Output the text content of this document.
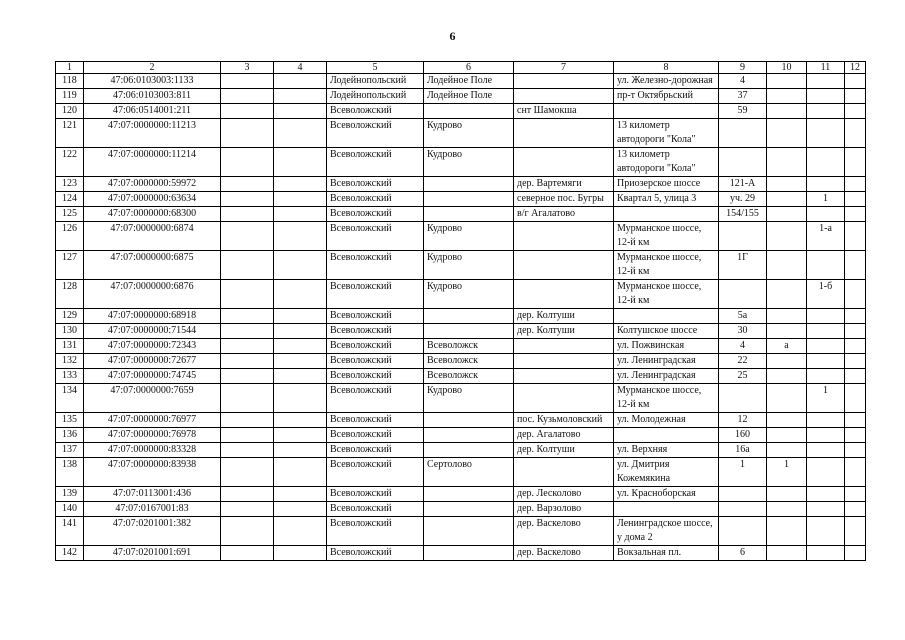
6
1	2	3	4	5	6	7	8	9	10	11	12
118	47:06:0103003:1133			Лодейнопольский	Лодейное Поле		ул. Железно-дорожная	4			
119	47:06:0103003:811			Лодейнопольский	Лодейное Поле		пр-т Октябрьский	37			
120	47:06:0514001:211			Всеволожский		снт Шамокша		59			
121	47:07:0000000:11213			Всеволожский	Кудрово		13 километр автодороги "Кола"				
122	47:07:0000000:11214			Всеволожский	Кудрово		13 километр автодороги "Кола"				
123	47:07:0000000:59972			Всеволожский		дер. Вартемяги	Приозерское шоссе	121-А			
124	47:07:0000000:63634			Всеволожский		северное пос. Бугры	Квартал 5, улица 3	уч. 29		1	
125	47:07:0000000:68300			Всеволожский		в/г Агалатово		154/155			
126	47:07:0000000:6874			Всеволожский	Кудрово		Мурманское шоссе, 12-й км			1-а	
127	47:07:0000000:6875			Всеволожский	Кудрово		Мурманское шоссе, 12-й км	1Г			
128	47:07:0000000:6876			Всеволожский	Кудрово		Мурманское шоссе, 12-й км			1-б	
129	47:07:0000000:68918			Всеволожский		дер. Колтуши		5а			
130	47:07:0000000:71544			Всеволожский		дер. Колтуши	Колтушское шоссе	30			
131	47:07:0000000:72343			Всеволожский	Всеволожск		ул. Пожвинская	4	а		
132	47:07:0000000:72677			Всеволожский	Всеволожск		ул. Ленинградская	22			
133	47:07:0000000:74745			Всеволожский	Всеволожск		ул. Ленинградская	25			
134	47:07:0000000:7659			Всеволожский	Кудрово		Мурманское шоссе, 12-й км			1	
135	47:07:0000000:76977			Всеволожский		пос. Кузьмоловский	ул. Молодежная	12			
136	47:07:0000000:76978			Всеволожский		дер. Агалатово		160			
137	47:07:0000000:83328			Всеволожский		дер. Колтуши	ул. Верхняя	16а			
138	47:07:0000000:83938			Всеволожский	Сертолово		ул. Дмитрия Кожемякина	1	1		
139	47:07:0113001:436			Всеволожский		дер. Лесколово	ул. Красноборская				
140	47:07:0167001:83			Всеволожский		дер. Варзолово					
141	47:07:0201001:382			Всеволожский		дер. Васкелово	Ленинградское шоссе, у дома 2				
142	47:07:0201001:691			Всеволожский		дер. Васкелово	Вокзальная пл.	6			
